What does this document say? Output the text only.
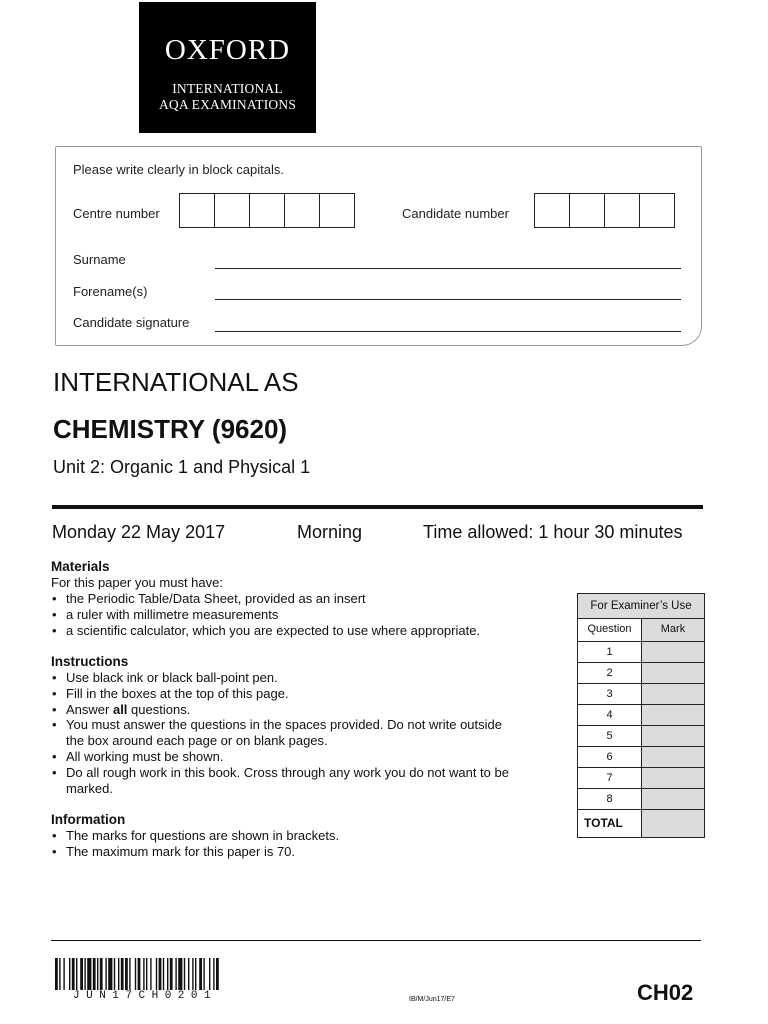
OXFORD
INTERNATIONAL
AQA EXAMINATIONS
Please write clearly in block capitals.
Centre number	Candidate number
Surname
Forename(s)
Candidate signature
INTERNATIONAL AS
CHEMISTRY (9620)
Unit 2: Organic 1 and Physical 1
Monday 22 May 2017	Morning	Time allowed: 1 hour 30 minutes
Materials
For this paper you must have:
• the Periodic Table/Data Sheet, provided as an insert
• a ruler with millimetre measurements
• a scientific calculator, which you are expected to use where appropriate.
Instructions
• Use black ink or black ball-point pen.
• Fill in the boxes at the top of this page.
• Answer all questions.
• You must answer the questions in the spaces provided. Do not write outside the box around each page or on blank pages.
• All working must be shown.
• Do all rough work in this book. Cross through any work you do not want to be marked.
Information
• The marks for questions are shown in brackets.
• The maximum mark for this paper is 70.
For Examiner’s Use
Question	Mark
1
2
3
4
5
6
7
8
TOTAL
JUN17CH0201	IB/M/Jun17/E7	CH02
